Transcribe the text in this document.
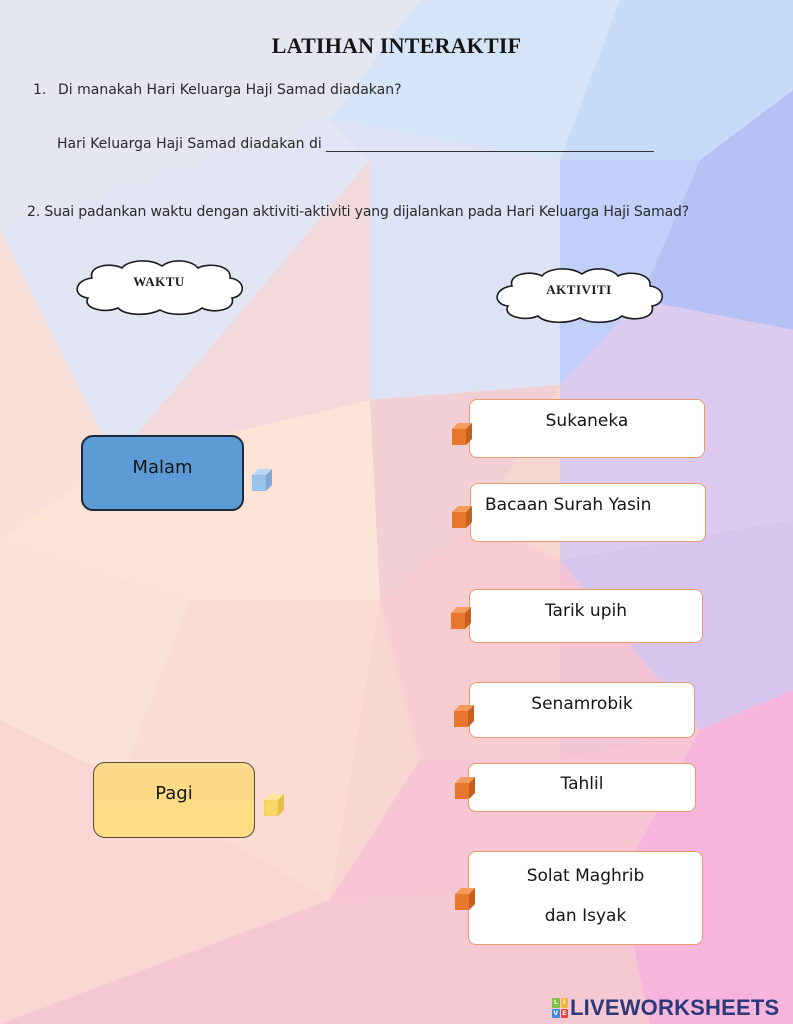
LATIHAN INTERAKTIF
1. Di manakah Hari Keluarga Haji Samad diadakan?
Hari Keluarga Haji Samad diadakan di
2. Suai padankan waktu dengan aktiviti-aktiviti yang dijalankan pada Hari Keluarga Haji Samad?
WAKTU
AKTIVITI
Malam
Pagi
Sukaneka
Bacaan Surah Yasin
Tarik upih
Senamrobik
Tahlil
Solat Maghrib
dan Isyak
L I
V E LIVEWORKSHEETS
